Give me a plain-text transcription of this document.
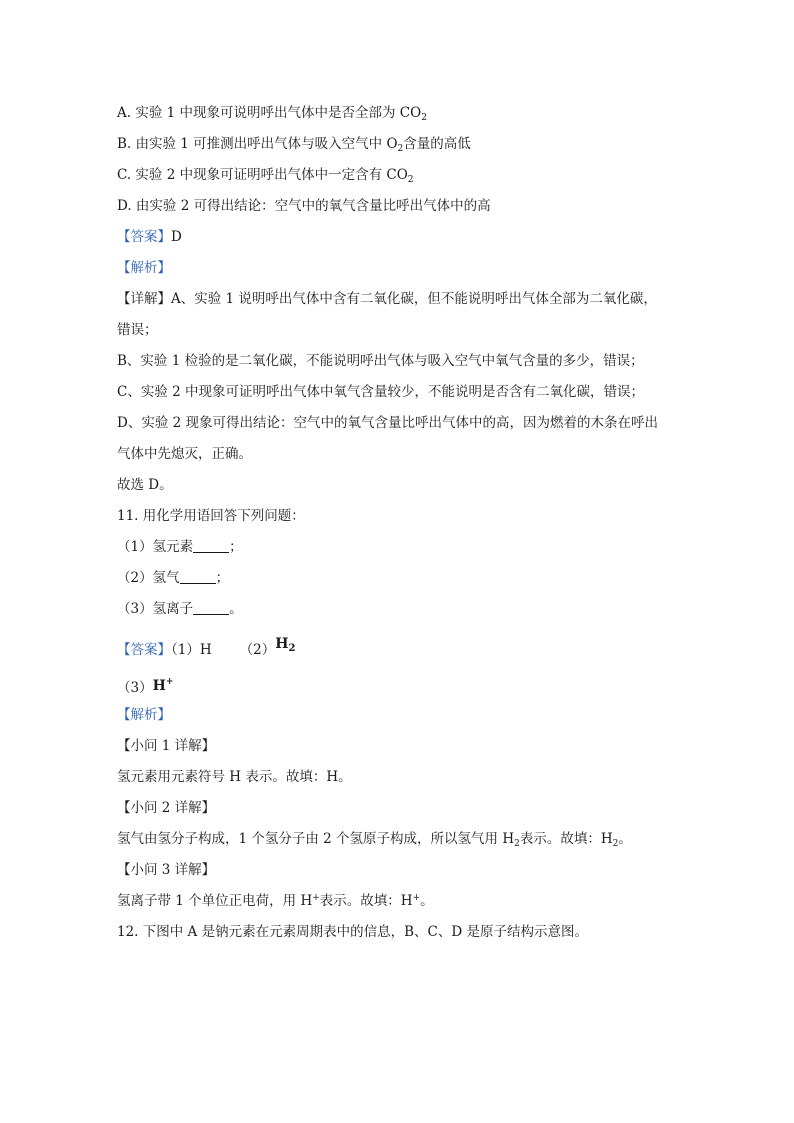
A. 实验 1 中现象可说明呼出气体中是否全部为 $CO_2$
B. 由实验 1 可推测出呼出气体与吸入空气中 $O_2$含量的高低
C. 实验 2 中现象可证明呼出气体中一定含有 $CO_2$
D. 由实验 2 可得出结论：空气中的氧气含量比呼出气体中的高
【答案】D
【解析】
【详解】A、实验 1 说明呼出气体中含有二氧化碳，但不能说明呼出气体全部为二氧化碳，
错误；
B、实验 1 检验的是二氧化碳，不能说明呼出气体与吸入空气中氧气含量的多少，错误；
C、实验 2 中现象可证明呼出气体中氧气含量较少，不能说明是否含有二氧化碳，错误；
D、实验 2 现象可得出结论：空气中的氧气含量比呼出气体中的高，因为燃着的木条在呼出
气体中先熄灭，正确。
故选 D。
11. 用化学用语回答下列问题：
（1）氢元素	；
（2）氢气	；
（3）氢离子	。
【答案】（1）H $(2)H_2$
（3）H+
【解析】
【小问 1 详解】
氢元素用元素符号 H 表示。故填：H。
【小问 2 详解】
氢气由氢分子构成，1 个氢分子由 2 个氢原子构成，所以氢气用 $H_2$表示。故填：$H_2$。
【小问 3 详解】
氢离子带 1 个单位正电荷，用 H+表示。故填：H+。
12. 下图中 A 是钠元素在元素周期表中的信息，B、C、D 是原子结构示意图。
